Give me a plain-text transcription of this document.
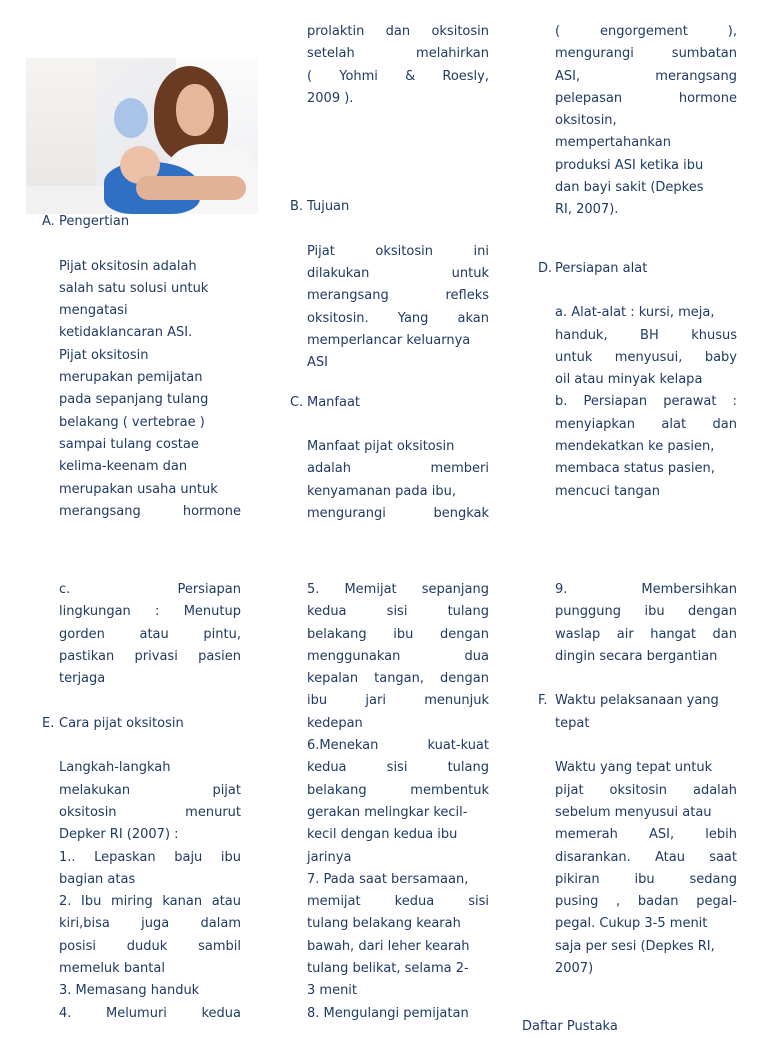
A. Pengertian

Pijat oksitosin adalah

salah satu solusi untuk

mengatasi

ketidaklancaran ASI.

Pijat oksitosin

merupakan pemijatan

pada sepanjang tulang

belakang ( vertebrae )

sampai tulang costae

kelima-keenam dan

merupakan usaha untuk

merangsang hormone

c. Persiapan

lingkungan : Menutup

gorden atau pintu,

pastikan privasi pasien

terjaga

E. Cara pijat oksitosin

Langkah-langkah

melakukan pijat

oksitosin menurut

Depker RI (2007) :

1.. Lepaskan baju ibu

bagian atas

2. Ibu miring kanan atau

kiri,bisa juga dalam

posisi duduk sambil

memeluk bantal

3. Memasang handuk

4. Melumuri kedua

prolaktin dan oksitosin

setelah melahirkan

( Yohmi & Roesly,

2009 ).

B. Tujuan

Pijat oksitosin ini

dilakukan untuk

merangsang refleks

oksitosin. Yang akan

memperlancar keluarnya

ASI

C. Manfaat

Manfaat pijat oksitosin

adalah memberi

kenyamanan pada ibu,

mengurangi bengkak

5. Memijat sepanjang

kedua sisi tulang

belakang ibu dengan

menggunakan dua

kepalan tangan, dengan

ibu jari menunjuk

kedepan

6.Menekan kuat-kuat

kedua sisi tulang

belakang membentuk

gerakan melingkar kecil-

kecil dengan kedua ibu

jarinya

7. Pada saat bersamaan,

memijat kedua sisi

tulang belakang kearah

bawah, dari leher kearah

tulang belikat, selama 2-

3 menit

8. Mengulangi pemijatan

( engorgement ),

mengurangi sumbatan

ASI, merangsang

pelepasan hormone

oksitosin,

mempertahankan

produksi ASI ketika ibu

dan bayi sakit (Depkes

RI, 2007).

D. Persiapan alat

a. Alat-alat : kursi, meja,

handuk, BH khusus

untuk menyusui, baby

oil atau minyak kelapa

b. Persiapan perawat :

menyiapkan alat dan

mendekatkan ke pasien,

membaca status pasien,

mencuci tangan

9. Membersihkan

punggung ibu dengan

waslap air hangat dan

dingin secara bergantian

F. Waktu pelaksanaan yang

tepat

Waktu yang tepat untuk

pijat oksitosin adalah

sebelum menyusui atau

memerah ASI, lebih

disarankan. Atau saat

pikiran ibu sedang

pusing , badan pegal-

pegal. Cukup 3-5 menit

saja per sesi (Depkes RI,

2007)

Daftar Pustaka
